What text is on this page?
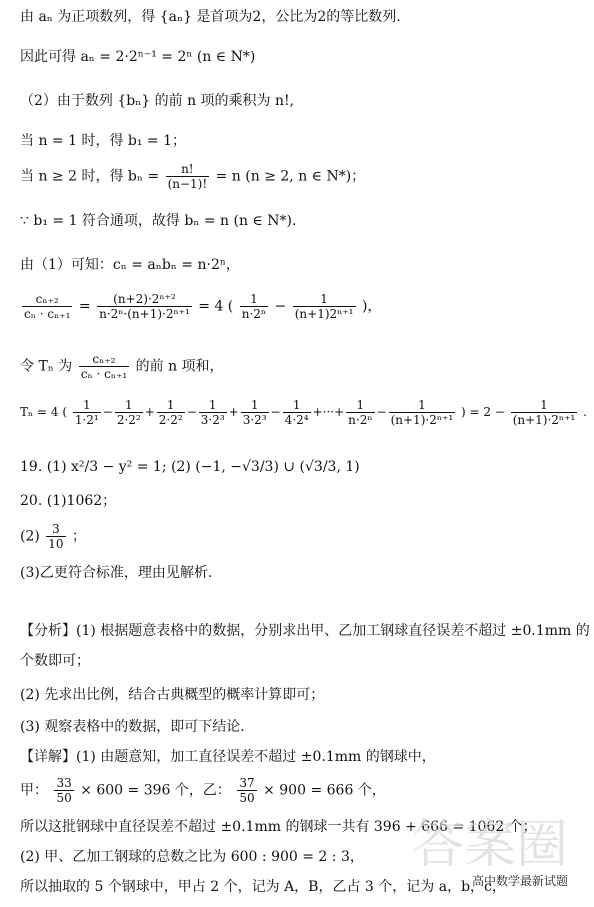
由 aₙ 为正项数列，得 {aₙ} 是首项为2，公比为2的等比数列.
因此可得 aₙ = 2·2ⁿ⁻¹ = 2ⁿ (n ∈ N*)
（2）由于数列 {bₙ} 的前 n 项的乘积为 n!,
当 n = 1 时，得 b₁ = 1；
当 n ≥ 2 时，得 $b_n = \frac{n!}{(n-1)!} = n$ (n ≥ 2, n ∈ N*)；
∵ b₁ = 1 符合通项，故得 bₙ = n (n ∈ N*).
由（1）可知：cₙ = aₙbₙ = n·2ⁿ，
$\frac{\text{cₙ₊₂}}{\text{cₙ · cₙ₊₁}} = \frac{\text{(n+2)·2ⁿ⁺²}}{\text{n·2ⁿ·(n+1)·2ⁿ⁺¹}} = 4$ ( $\frac{1}{\text{n·2ⁿ}} - \frac{1}{\text{(n+1)2ⁿ⁺¹}}$ )，
令 Tₙ 为 $\frac{\text{cₙ₊₂}}{\text{cₙ · cₙ₊₁}}$ 的前 n 项和，
Tₙ = 4 ( $\frac{1}{\text{1·2¹}} - \frac{1}{\text{2·2²}} + \frac{1}{\text{2·2²}} - \frac{1}{\text{3·2³}} + \frac{1}{\text{3·2³}} - \frac{1}{\text{4·2⁴}}$ +···+ $\frac{1}{\text{n·2ⁿ}} - \frac{1}{\text{(n+1)·2ⁿ⁺¹}}$ ) = $2 - \frac{1}{\text{(n+1)·2ⁿ⁺¹}}$ .
19. (1) x²/3 − y² = 1; (2) (−1, −√3/3) ∪ (√3/3, 1)
20. (1)1062；
$(2) \frac{3}{10}$ ；
(3)乙更符合标准，理由见解析.
【分析】(1) 根据题意表格中的数据，分别求出甲、乙加工钢球直径误差不超过 ±0.1mm 的
个数即可；
(2) 先求出比例，结合古典概型的概率计算即可；
(3) 观察表格中的数据，即可下结论.
【详解】(1) 由题意知，加工直径误差不超过 ±0.1mm 的钢球中，
甲： $\frac{33}{50} \times 600 = 396$ 个，乙： $\frac{37}{50} \times 900 = 666$ 个，
所以这批钢球中直径误差不超过 ±0.1mm 的钢球一共有 396 + 666 = 1062 个；
(2) 甲、乙加工钢球的总数之比为 600 : 900 = 2 : 3，
所以抽取的 5 个钢球中，甲占 2 个，记为 A，B，乙占 3 个，记为 a，b，c，
答案圈
高中数学最新试题
